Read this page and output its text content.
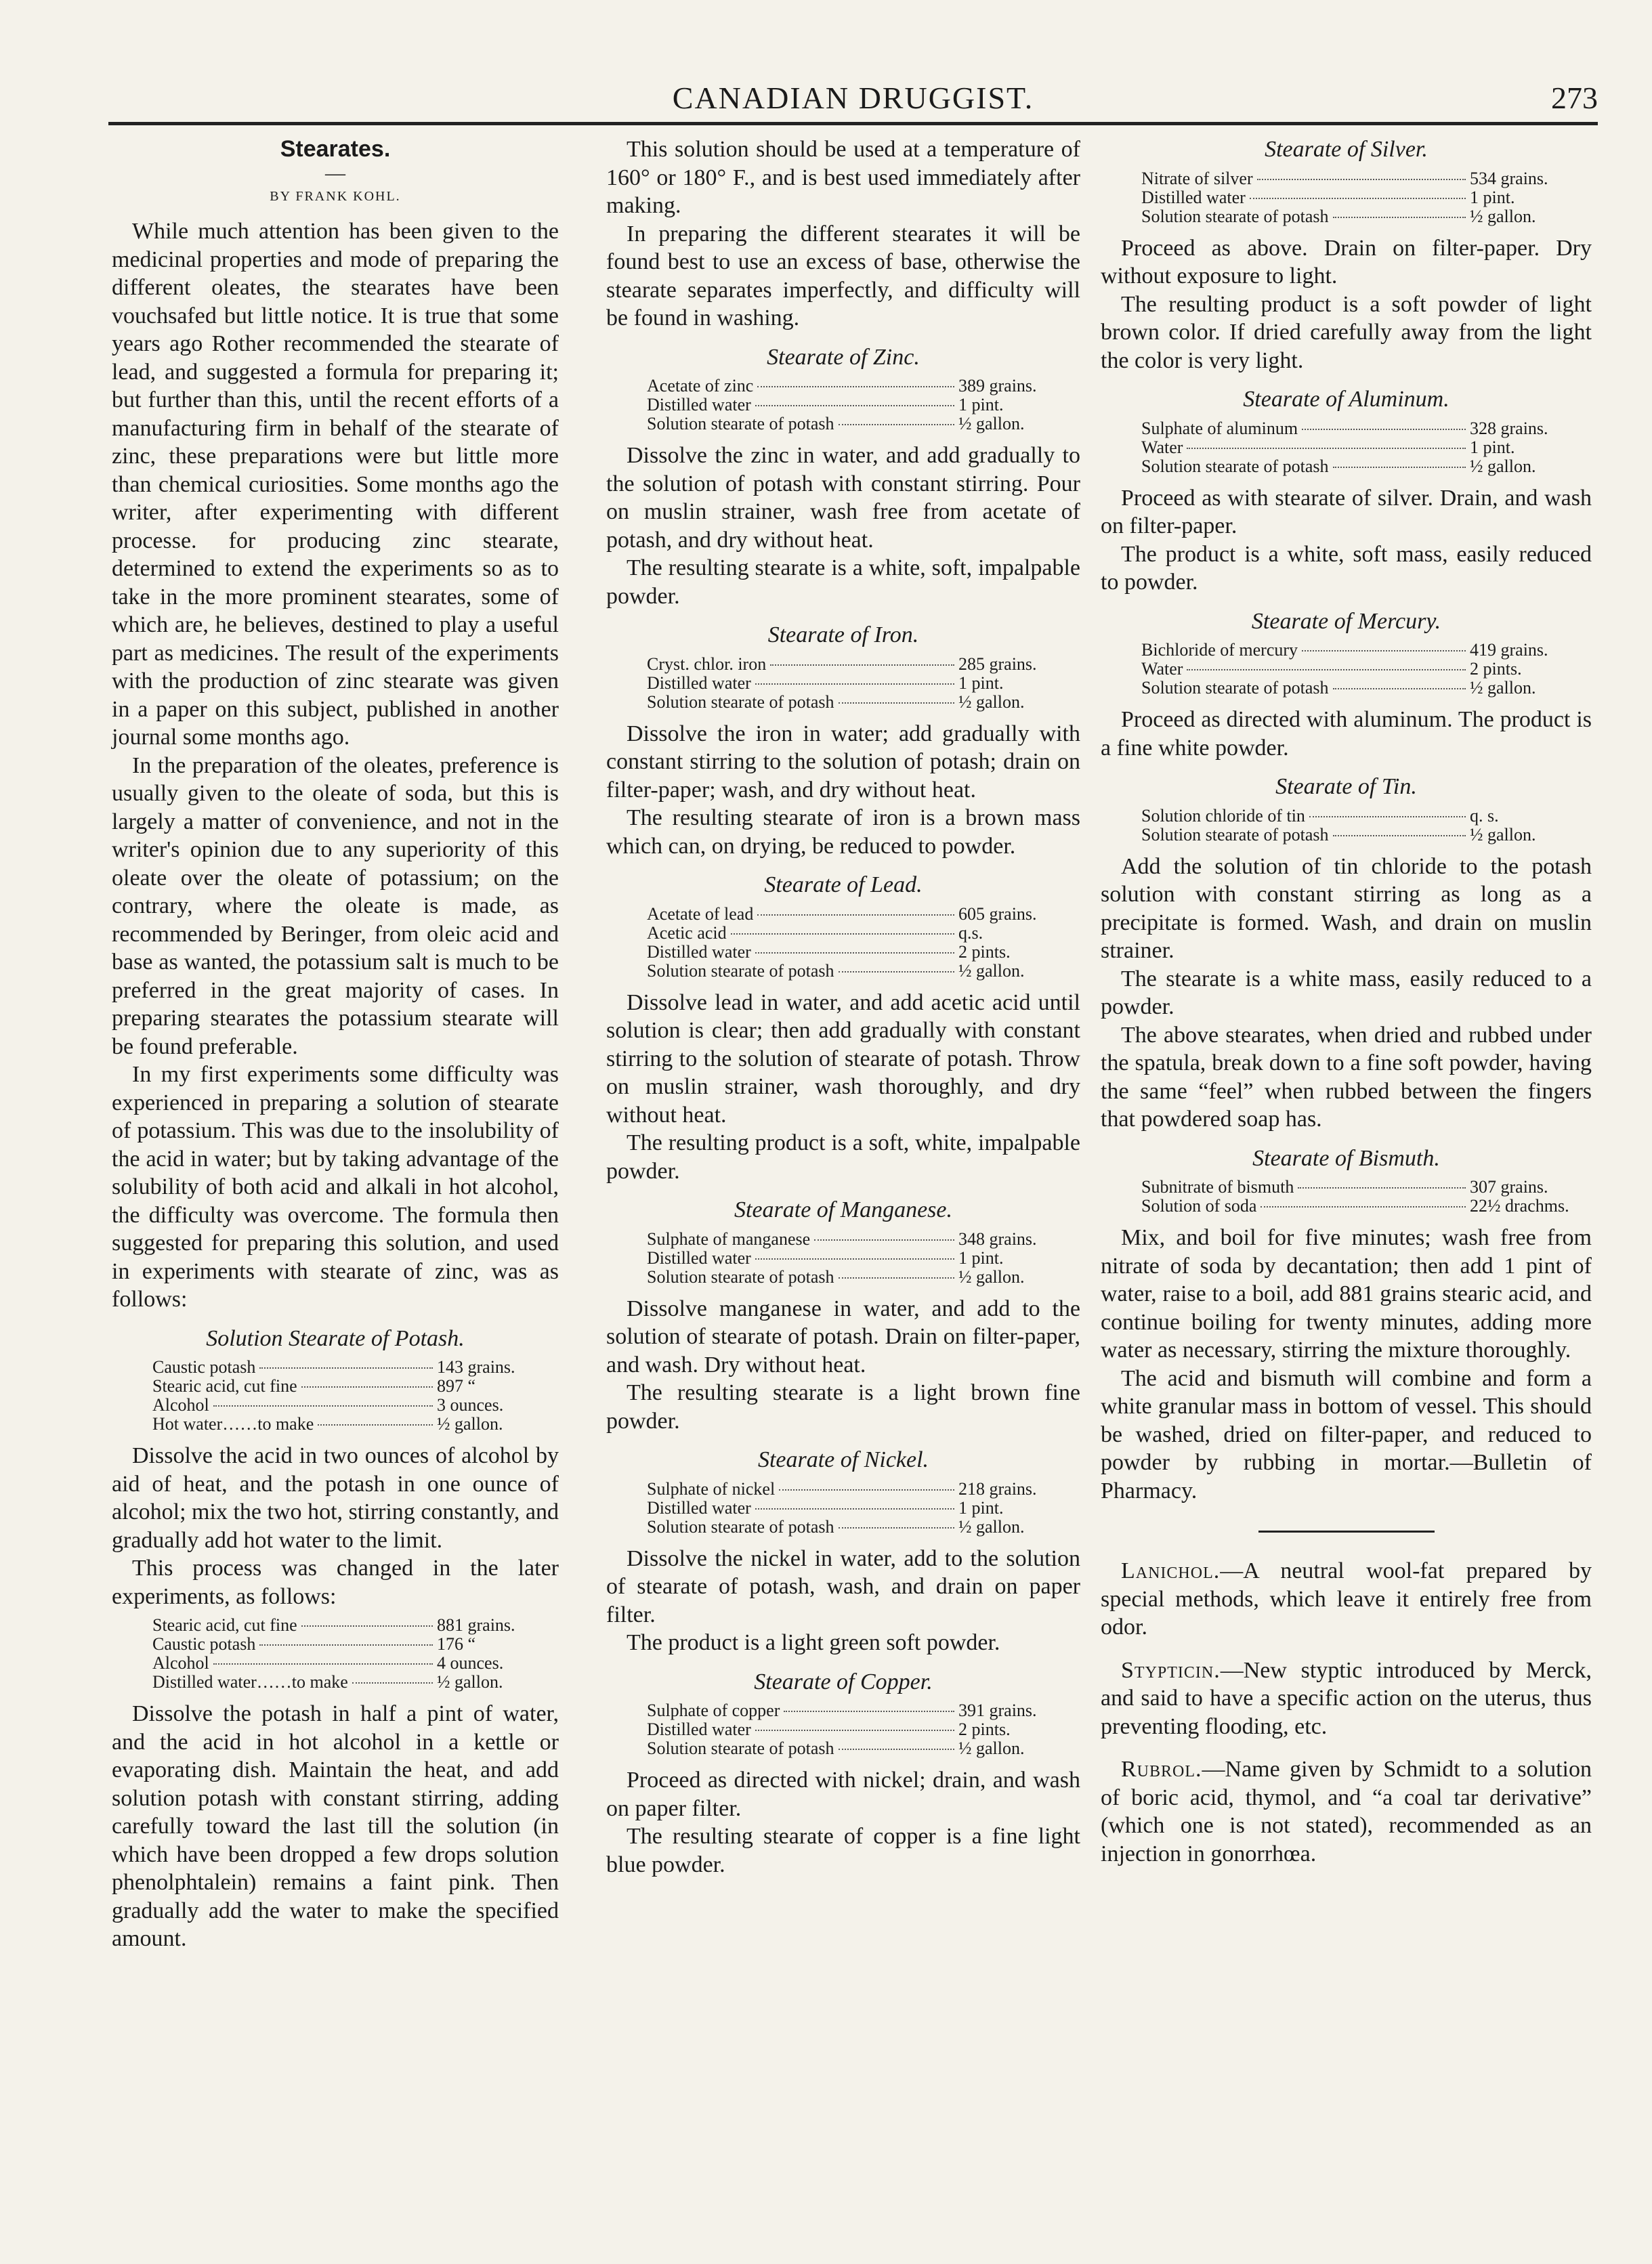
CANADIAN DRUGGIST.	273
Stearates.
—
BY FRANK KOHL.

While much attention has been given to the medicinal properties and mode of preparing the different oleates, the stearates have been vouchsafed but little notice. It is true that some years ago Rother recommended the stearate of lead, and suggested a formula for preparing it; but further than this, until the recent efforts of a manufacturing firm in behalf of the stearate of zinc, these preparations were but little more than chemical curiosities. Some months ago the writer, after experimenting with different processe. for producing zinc stearate, determined to extend the experiments so as to take in the more prominent stearates, some of which are, he believes, destined to play a useful part as medicines. The result of the experiments with the production of zinc stearate was given in a paper on this subject, published in another journal some months ago.

In the preparation of the oleates, preference is usually given to the oleate of soda, but this is largely a matter of convenience, and not in the writer's opinion due to any superiority of this oleate over the oleate of potassium; on the contrary, where the oleate is made, as recommended by Beringer, from oleic acid and base as wanted, the potassium salt is much to be preferred in the great majority of cases. In preparing stearates the potassium stearate will be found preferable.

In my first experiments some difficulty was experienced in preparing a solution of stearate of potassium. This was due to the insolubility of the acid in water; but by taking advantage of the solubility of both acid and alkali in hot alcohol, the difficulty was overcome. The formula then suggested for preparing this solution, and used in experiments with stearate of zinc, was as follows:

Solution Stearate of Potash.
Caustic potash	143 grains.
Stearic acid, cut fine	897 “
Alcohol	3 ounces.
Hot water……to make	½ gallon.

Dissolve the acid in two ounces of alcohol by aid of heat, and the potash in one ounce of alcohol; mix the two hot, stirring constantly, and gradually add hot water to the limit.

This process was changed in the later experiments, as follows:

Stearic acid, cut fine	881 grains.
Caustic potash	176 “
Alcohol	4 ounces.
Distilled water……to make	½ gallon.

Dissolve the potash in half a pint of water, and the acid in hot alcohol in a kettle or evaporating dish. Maintain the heat, and add solution potash with constant stirring, adding carefully toward the last till the solution (in which have been dropped a few drops solution phenolphtalein) remains a faint pink. Then gradually add the water to make the specified amount.

This solution should be used at a temperature of 160° or 180° F., and is best used immediately after making.

In preparing the different stearates it will be found best to use an excess of base, otherwise the stearate separates imperfectly, and difficulty will be found in washing.

Stearate of Zinc.
Acetate of zinc	389 grains.
Distilled water	1 pint.
Solution stearate of potash	½ gallon.

Dissolve the zinc in water, and add gradually to the solution of potash with constant stirring. Pour on muslin strainer, wash free from acetate of potash, and dry without heat.

The resulting stearate is a white, soft, impalpable powder.

Stearate of Iron.
Cryst. chlor. iron	285 grains.
Distilled water	1 pint.
Solution stearate of potash	½ gallon.

Dissolve the iron in water; add gradually with constant stirring to the solution of potash; drain on filter-paper; wash, and dry without heat.

The resulting stearate of iron is a brown mass which can, on drying, be reduced to powder.

Stearate of Lead.
Acetate of lead	605 grains.
Acetic acid	q.s.
Distilled water	2 pints.
Solution stearate of potash	½ gallon.

Dissolve lead in water, and add acetic acid until solution is clear; then add gradually with constant stirring to the solution of stearate of potash. Throw on muslin strainer, wash thoroughly, and dry without heat.

The resulting product is a soft, white, impalpable powder.

Stearate of Manganese.
Sulphate of manganese	348 grains.
Distilled water	1 pint.
Solution stearate of potash	½ gallon.

Dissolve manganese in water, and add to the solution of stearate of potash. Drain on filter-paper, and wash. Dry without heat.

The resulting stearate is a light brown fine powder.

Stearate of Nickel.
Sulphate of nickel	218 grains.
Distilled water	1 pint.
Solution stearate of potash	½ gallon.

Dissolve the nickel in water, add to the solution of stearate of potash, wash, and drain on paper filter.

The product is a light green soft powder.

Stearate of Copper.
Sulphate of copper	391 grains.
Distilled water	2 pints.
Solution stearate of potash	½ gallon.

Proceed as directed with nickel; drain, and wash on paper filter.

The resulting stearate of copper is a fine light blue powder.

Stearate of Silver.
Nitrate of silver	534 grains.
Distilled water	1 pint.
Solution stearate of potash	½ gallon.

Proceed as above. Drain on filter-paper. Dry without exposure to light.

The resulting product is a soft powder of light brown color. If dried carefully away from the light the color is very light.

Stearate of Aluminum.
Sulphate of aluminum	328 grains.
Water	1 pint.
Solution stearate of potash	½ gallon.

Proceed as with stearate of silver. Drain, and wash on filter-paper.

The product is a white, soft mass, easily reduced to powder.

Stearate of Mercury.
Bichloride of mercury	419 grains.
Water	2 pints.
Solution stearate of potash	½ gallon.

Proceed as directed with aluminum. The product is a fine white powder.

Stearate of Tin.
Solution chloride of tin	q. s.
Solution stearate of potash	½ gallon.

Add the solution of tin chloride to the potash solution with constant stirring as long as a precipitate is formed. Wash, and drain on muslin strainer.

The stearate is a white mass, easily reduced to a powder.

The above stearates, when dried and rubbed under the spatula, break down to a fine soft powder, having the same “feel” when rubbed between the fingers that powdered soap has.

Stearate of Bismuth.
Subnitrate of bismuth	307 grains.
Solution of soda	22½ drachms.

Mix, and boil for five minutes; wash free from nitrate of soda by decantation; then add 1 pint of water, raise to a boil, add 881 grains stearic acid, and continue boiling for twenty minutes, adding more water as necessary, stirring the mixture thoroughly.

The acid and bismuth will combine and form a white granular mass in bottom of vessel. This should be washed, dried on filter-paper, and reduced to powder by rubbing in mortar.—Bulletin of Pharmacy.

Lanichol.—A neutral wool-fat prepared by special methods, which leave it entirely free from odor.

Stypticin.—New styptic introduced by Merck, and said to have a specific action on the uterus, thus preventing flooding, etc.

Rubrol.—Name given by Schmidt to a solution of boric acid, thymol, and “a coal tar derivative” (which one is not stated), recommended as an injection in gonorrhœa.
